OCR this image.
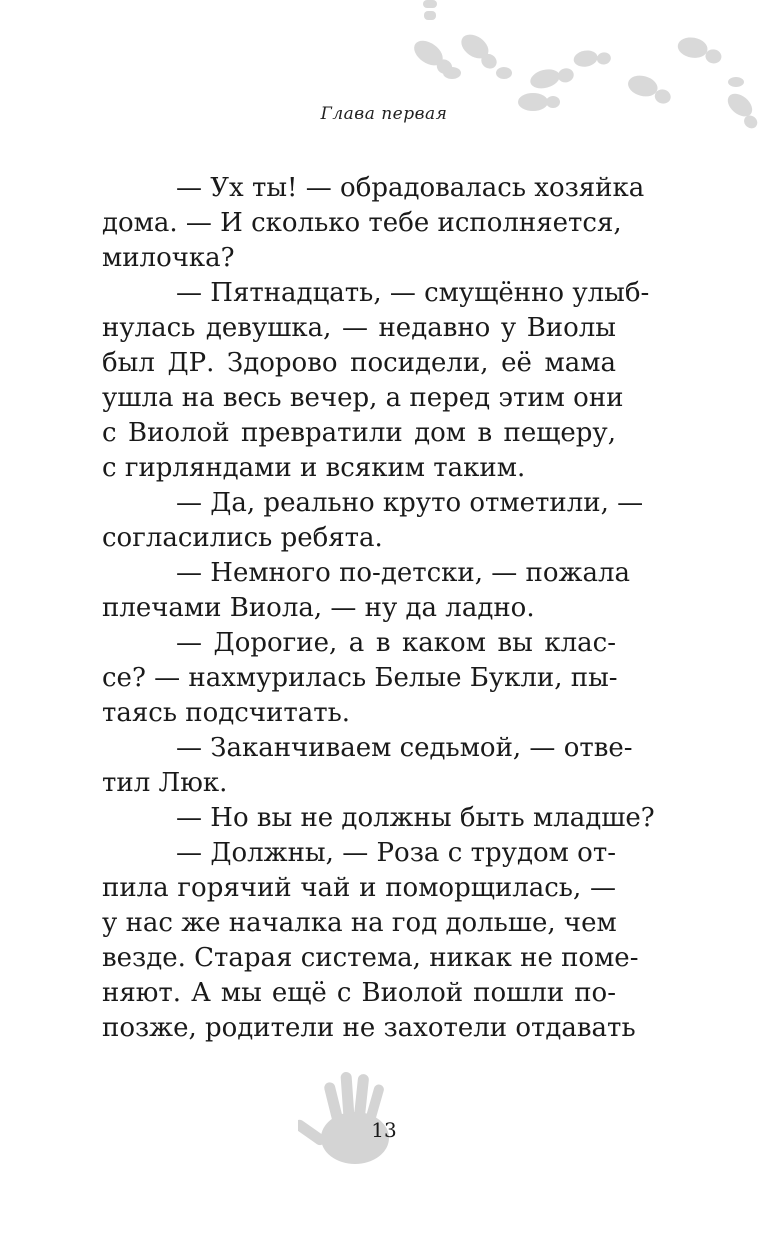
Глава первая
— Ух ты! — обрадовалась хозяйка
дома. — И сколько тебе исполняется,
милочка?
— Пятнадцать, — смущённо улыб-
нулась девушка, — недавно у Виолы
был ДР. Здорово посидели, её мама
ушла на весь вечер, а перед этим они
с Виолой превратили дом в пещеру,
с гирляндами и всяким таким.
— Да, реально круто отметили, —
согласились ребята.
— Немного по-детски, — пожала
плечами Виола, — ну да ладно.
— Дорогие, а в каком вы клас-
се? — нахмурилась Белые Букли, пы-
таясь подсчитать.
— Заканчиваем седьмой, — отве-
тил Люк.
— Но вы не должны быть младше?
— Должны, — Роза с трудом от-
пила горячий чай и поморщилась, —
у нас же началка на год дольше, чем
везде. Старая система, никак не поме-
няют. А мы ещё с Виолой пошли по-
позже, родители не захотели отдавать
13
